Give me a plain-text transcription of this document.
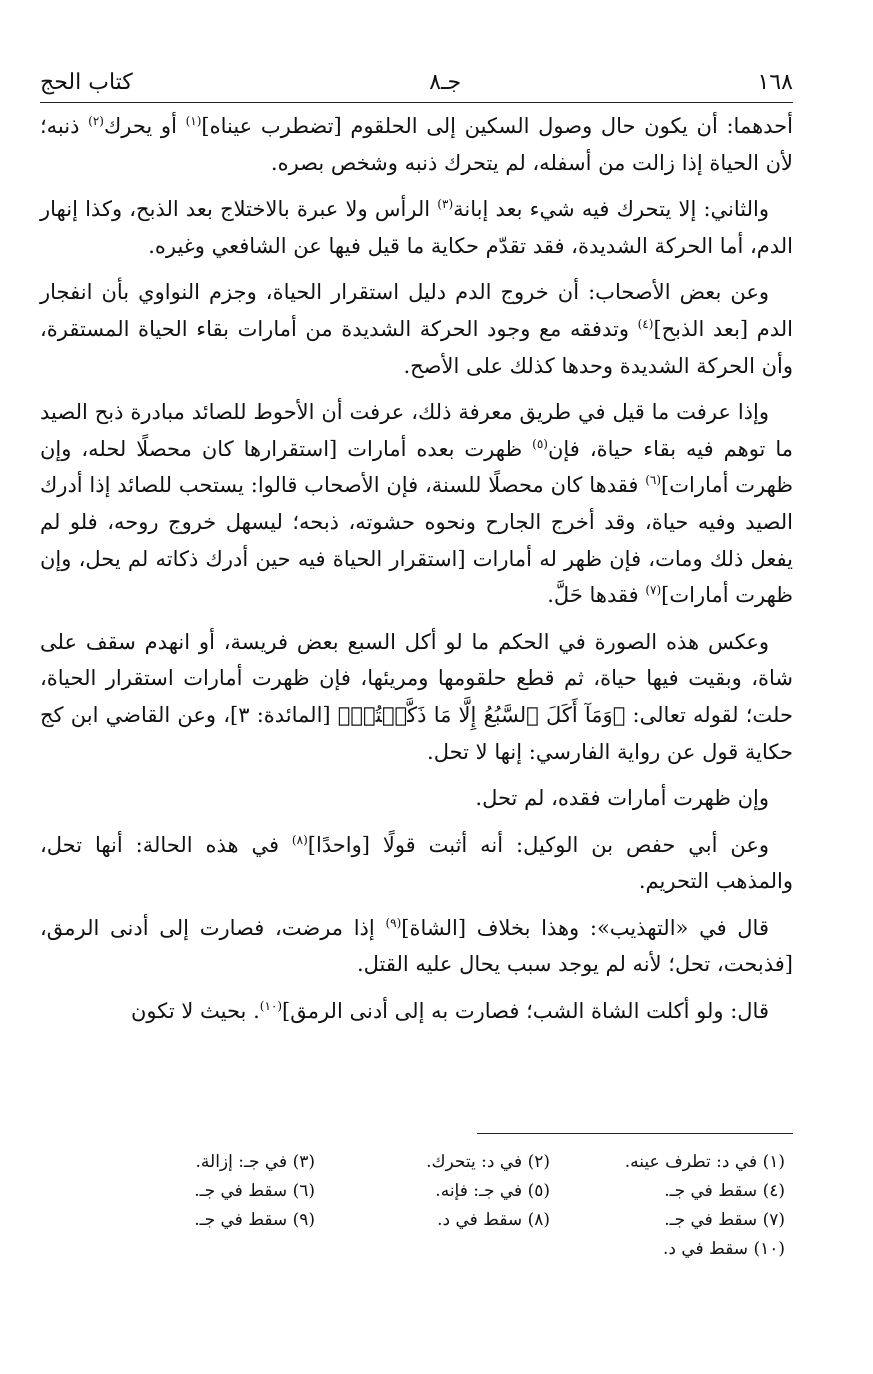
١٦٨
جـ٨
كتاب الحج

أحدهما: أن يكون حال وصول السكين إلى الحلقوم [تضطرب عيناه]$^{(١)}$ أو يحرك$^{(٢)}$ ذنبه؛ لأن الحياة إذا زالت من أسفله، لم يتحرك ذنبه وشخص بصره.

والثاني: إلا يتحرك فيه شيء بعد إبانة$^{(٣)}$ الرأس ولا عبرة بالاختلاج بعد الذبح، وكذا إنهار الدم، أما الحركة الشديدة، فقد تقدّم حكاية ما قيل فيها عن الشافعي وغيره.

وعن بعض الأصحاب: أن خروج الدم دليل استقرار الحياة، وجزم النواوي بأن انفجار الدم [بعد الذبح]$^{(٤)}$ وتدفقه مع وجود الحركة الشديدة من أمارات بقاء الحياة المستقرة، وأن الحركة الشديدة وحدها كذلك على الأصح.

وإذا عرفت ما قيل في طريق معرفة ذلك، عرفت أن الأحوط للصائد مبادرة ذبح الصيد ما توهم فيه بقاء حياة، فإن$^{(٥)}$ ظهرت بعده أمارات [استقرارها كان محصلًا لحله، وإن ظهرت أمارات]$^{(٦)}$ فقدها كان محصلًا للسنة، فإن الأصحاب قالوا: يستحب للصائد إذا أدرك الصيد وفيه حياة، وقد أخرج الجارح ونحوه حشوته، ذبحه؛ ليسهل خروج روحه، فلو لم يفعل ذلك ومات، فإن ظهر له أمارات [استقرار الحياة فيه حين أدرك ذكاته لم يحل، وإن ظهرت أمارات]$^{(٧)}$ فقدها حَلَّ.

وعكس هذه الصورة في الحكم ما لو أكل السبع بعض فريسة، أو انهدم سقف على شاة، وبقيت فيها حياة، ثم قطع حلقومها ومريئها، فإن ظهرت أمارات استقرار الحياة، حلت؛ لقوله تعالى: ﴿وَمَآ أَكَلَ ٱلسَّبُعُ إِلَّا مَا ذَكَّيۡتُمۡ﴾ [المائدة: ٣]، وعن القاضي ابن كج حكاية قول عن رواية الفارسي: إنها لا تحل.

وإن ظهرت أمارات فقده، لم تحل.

وعن أبي حفص بن الوكيل: أنه أثبت قولًا [واحدًا]$^{(٨)}$ في هذه الحالة: أنها تحل، والمذهب التحريم.

قال في «التهذيب»: وهذا بخلاف [الشاة]$^{(٩)}$ إذا مرضت، فصارت إلى أدنى الرمق، [فذبحت، تحل؛ لأنه لم يوجد سبب يحال عليه القتل.

قال: ولو أكلت الشاة الشب؛ فصارت به إلى أدنى الرمق]$^{(١٠)}$. بحيث لا تكون

(١) في د: تطرف عينه.
(٢) في د: يتحرك.
(٣) في جـ: إزالة.
(٤) سقط في جـ.
(٥) في جـ: فإنه.
(٦) سقط في جـ.
(٧) سقط في جـ.
(٨) سقط في د.
(٩) سقط في جـ.
(١٠) سقط في د.
